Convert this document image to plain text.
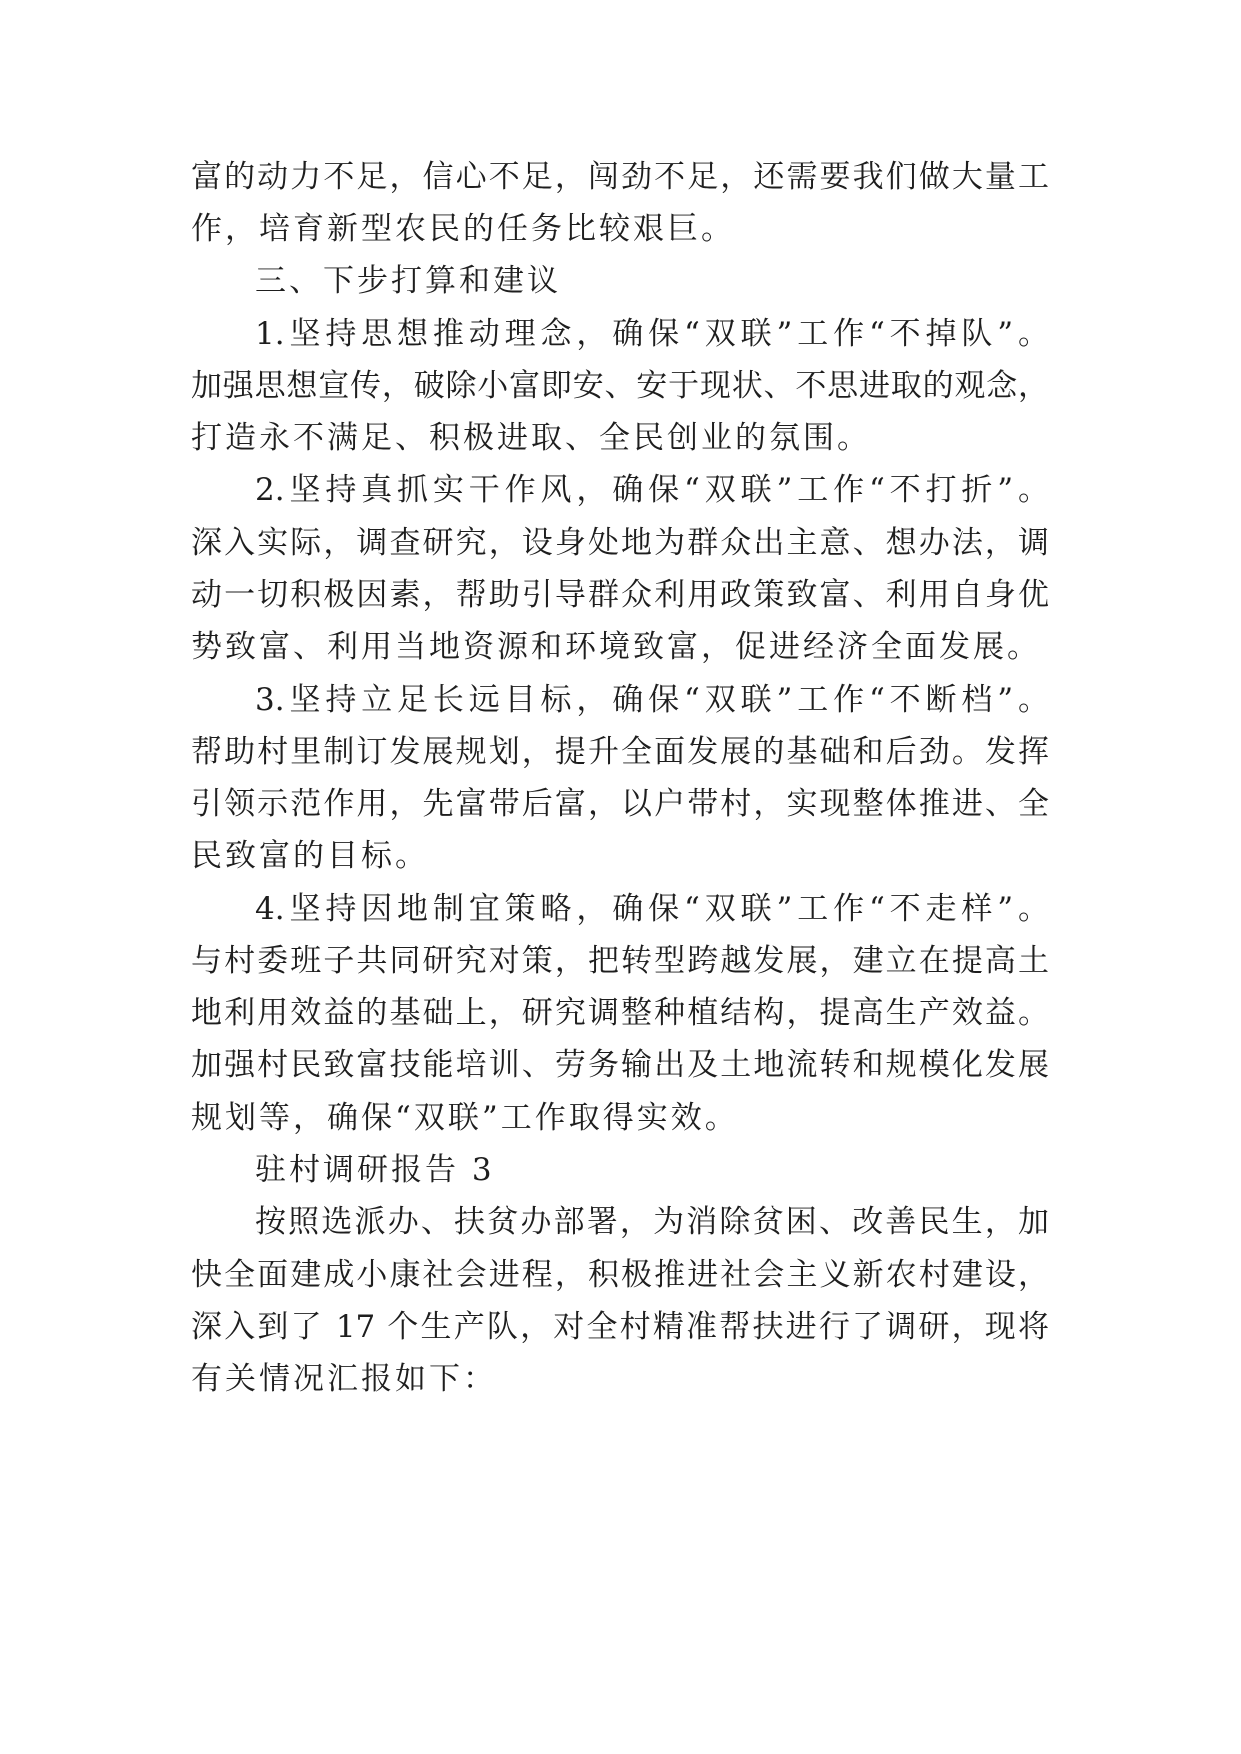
富的动力不足，信心不足，闯劲不足，还需要我们做大量工
作，培育新型农民的任务比较艰巨。
三、下步打算和建议
1.坚持思想推动理念，确保“双联”工作“不掉队”。
加强思想宣传，破除小富即安、安于现状、不思进取的观念，
打造永不满足、积极进取、全民创业的氛围。
2.坚持真抓实干作风，确保“双联”工作“不打折”。
深入实际，调查研究，设身处地为群众出主意、想办法，调
动一切积极因素，帮助引导群众利用政策致富、利用自身优
势致富、利用当地资源和环境致富，促进经济全面发展。
3.坚持立足长远目标，确保“双联”工作“不断档”。
帮助村里制订发展规划，提升全面发展的基础和后劲。发挥
引领示范作用，先富带后富，以户带村，实现整体推进、全
民致富的目标。
4.坚持因地制宜策略，确保“双联”工作“不走样”。
与村委班子共同研究对策，把转型跨越发展，建立在提高土
地利用效益的基础上，研究调整种植结构，提高生产效益。
加强村民致富技能培训、劳务输出及土地流转和规模化发展
规划等，确保“双联”工作取得实效。
驻村调研报告 3
按照选派办、扶贫办部署，为消除贫困、改善民生，加
快全面建成小康社会进程，积极推进社会主义新农村建设，
深入到了 17 个生产队，对全村精准帮扶进行了调研，现将
有关情况汇报如下：
